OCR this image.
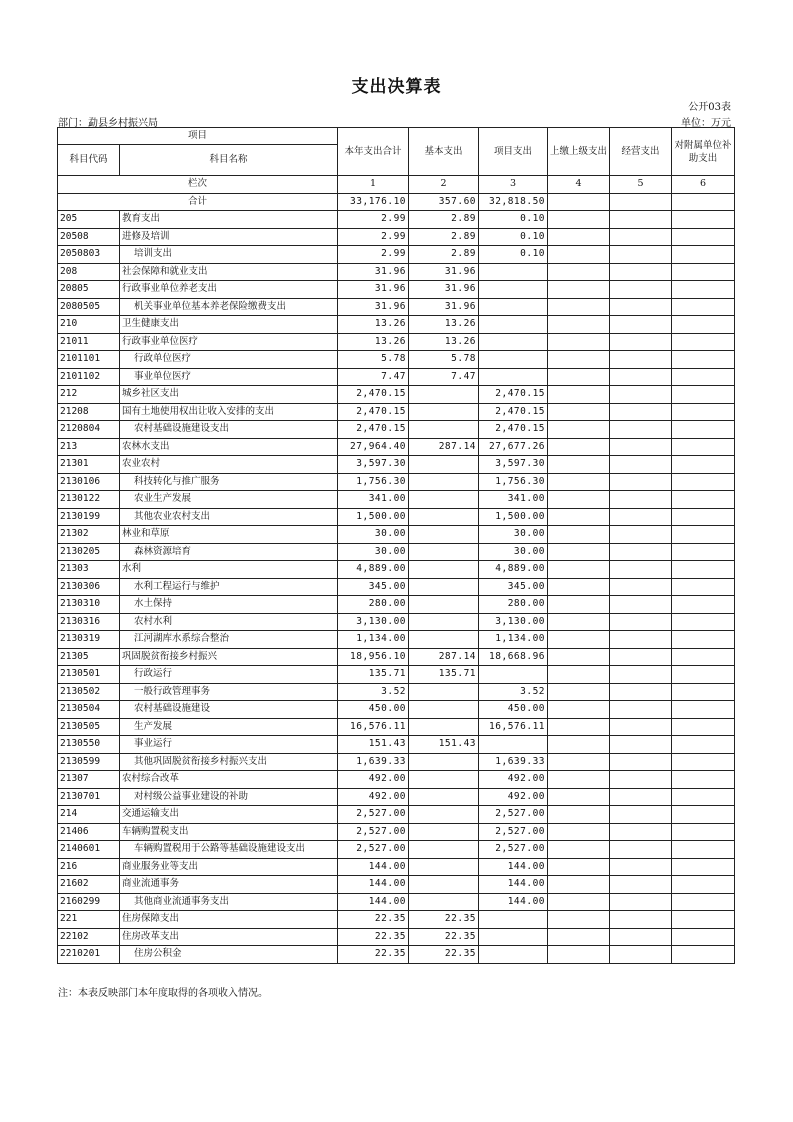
支出决算表
公开03表
部门：勐县乡村振兴局	单位：万元
项目		本年支出合计	基本支出	项目支出	上缴上级支出	经营支出	对附属单位补助支出
科目代码	科目名称						
栏次		1	2	3	4	5	6
合计		33,176.10	357.60	32,818.50			
205	教育支出	2.99	2.89	0.10			
20508	进修及培训	2.99	2.89	0.10			
2050803	培训支出	2.99	2.89	0.10			
208	社会保障和就业支出	31.96	31.96				
20805	行政事业单位养老支出	31.96	31.96				
2080505	机关事业单位基本养老保险缴费支出	31.96	31.96				
210	卫生健康支出	13.26	13.26				
21011	行政事业单位医疗	13.26	13.26				
2101101	行政单位医疗	5.78	5.78				
2101102	事业单位医疗	7.47	7.47				
212	城乡社区支出	2,470.15		2,470.15			
21208	国有土地使用权出让收入安排的支出	2,470.15		2,470.15			
2120804	农村基础设施建设支出	2,470.15		2,470.15			
213	农林水支出	27,964.40	287.14	27,677.26			
21301	农业农村	3,597.30		3,597.30			
2130106	科技转化与推广服务	1,756.30		1,756.30			
2130122	农业生产发展	341.00		341.00			
2130199	其他农业农村支出	1,500.00		1,500.00			
21302	林业和草原	30.00		30.00			
2130205	森林资源培育	30.00		30.00			
21303	水利	4,889.00		4,889.00			
2130306	水利工程运行与维护	345.00		345.00			
2130310	水土保持	280.00		280.00			
2130316	农村水利	3,130.00		3,130.00			
2130319	江河湖库水系综合整治	1,134.00		1,134.00			
21305	巩固脱贫衔接乡村振兴	18,956.10	287.14	18,668.96			
2130501	行政运行	135.71	135.71				
2130502	一般行政管理事务	3.52		3.52			
2130504	农村基础设施建设	450.00		450.00			
2130505	生产发展	16,576.11		16,576.11			
2130550	事业运行	151.43	151.43				
2130599	其他巩固脱贫衔接乡村振兴支出	1,639.33		1,639.33			
21307	农村综合改革	492.00		492.00			
2130701	对村级公益事业建设的补助	492.00		492.00			
214	交通运输支出	2,527.00		2,527.00			
21406	车辆购置税支出	2,527.00		2,527.00			
2140601	车辆购置税用于公路等基础设施建设支出	2,527.00		2,527.00			
216	商业服务业等支出	144.00		144.00			
21602	商业流通事务	144.00		144.00			
2160299	其他商业流通事务支出	144.00		144.00			
221	住房保障支出	22.35	22.35				
22102	住房改革支出	22.35	22.35				
2210201	住房公积金	22.35	22.35				
注：本表反映部门本年度取得的各项收入情况。
